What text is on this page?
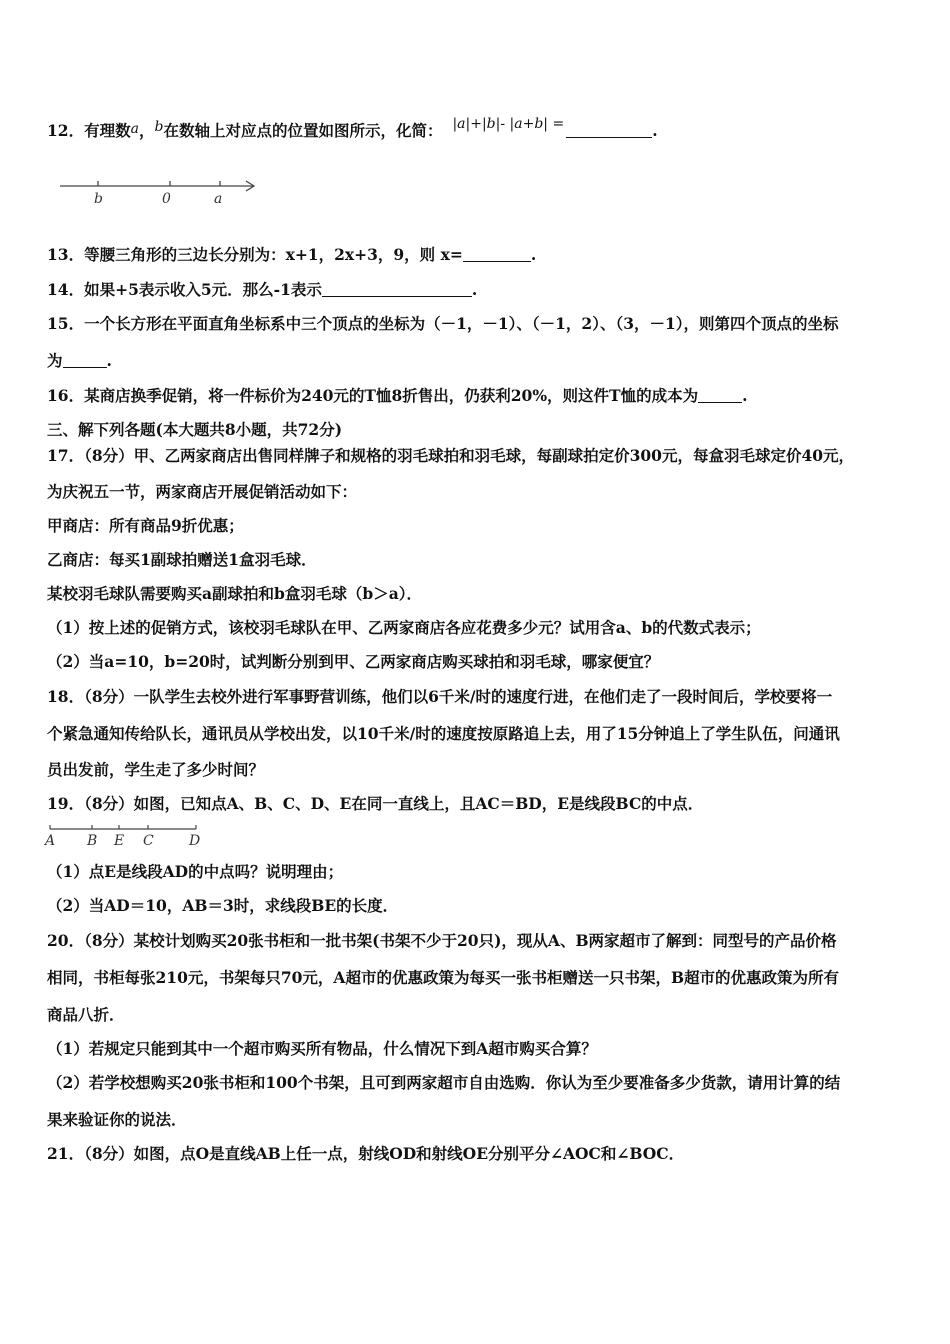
12．有理数a，b在数轴上对应点的位置如图所示，化简： |a|+|b|- |a+b| =	.
b	0	a
13．等腰三角形的三边长分别为：x+1，2x+3，9，则 x=	.
14．如果+5表示收入5元．那么-1表示	.
15．一个长方形在平面直角坐标系中三个顶点的坐标为（－1，－1）、（－1，2）、（3，－1），则第四个顶点的坐标
为	.
16．某商店换季促销，将一件标价为240元的T恤8折售出，仍获利20%，则这件T恤的成本为	.
三、解下列各题(本大题共8小题，共72分)
17．（8分）甲、乙两家商店出售同样牌子和规格的羽毛球拍和羽毛球，每副球拍定价300元，每盒羽毛球定价40元，
为庆祝五一节，两家商店开展促销活动如下：
甲商店：所有商品9折优惠；
乙商店：每买1副球拍赠送1盒羽毛球．
某校羽毛球队需要购买a副球拍和b盒羽毛球（b＞a）．
（1）按上述的促销方式，该校羽毛球队在甲、乙两家商店各应花费多少元？试用含a、b的代数式表示；
（2）当a=10，b=20时，试判断分别到甲、乙两家商店购买球拍和羽毛球，哪家便宜？
18．（8分）一队学生去校外进行军事野营训练，他们以6千米/时的速度行进，在他们走了一段时间后，学校要将一
个紧急通知传给队长，通讯员从学校出发，以10千米/时的速度按原路追上去，用了15分钟追上了学生队伍，问通讯
员出发前，学生走了多少时间？
19．（8分）如图，已知点A、B、C、D、E在同一直线上，且AC＝BD，E是线段BC的中点．
A B E C	D
（1）点E是线段AD的中点吗？说明理由；
（2）当AD＝10，AB＝3时，求线段BE的长度．
20．（8分）某校计划购买20张书柜和一批书架(书架不少于20只)，现从A、B两家超市了解到：同型号的产品价格
相同，书柜每张210元，书架每只70元，A超市的优惠政策为每买一张书柜赠送一只书架，B超市的优惠政策为所有
商品八折．
（1）若规定只能到其中一个超市购买所有物品，什么情况下到A超市购买合算？
（2）若学校想购买20张书柜和100个书架，且可到两家超市自由选购．你认为至少要准备多少货款，请用计算的结
果来验证你的说法．
21．（8分）如图，点O是直线AB上任一点，射线OD和射线OE分别平分∠AOC和∠BOC．
